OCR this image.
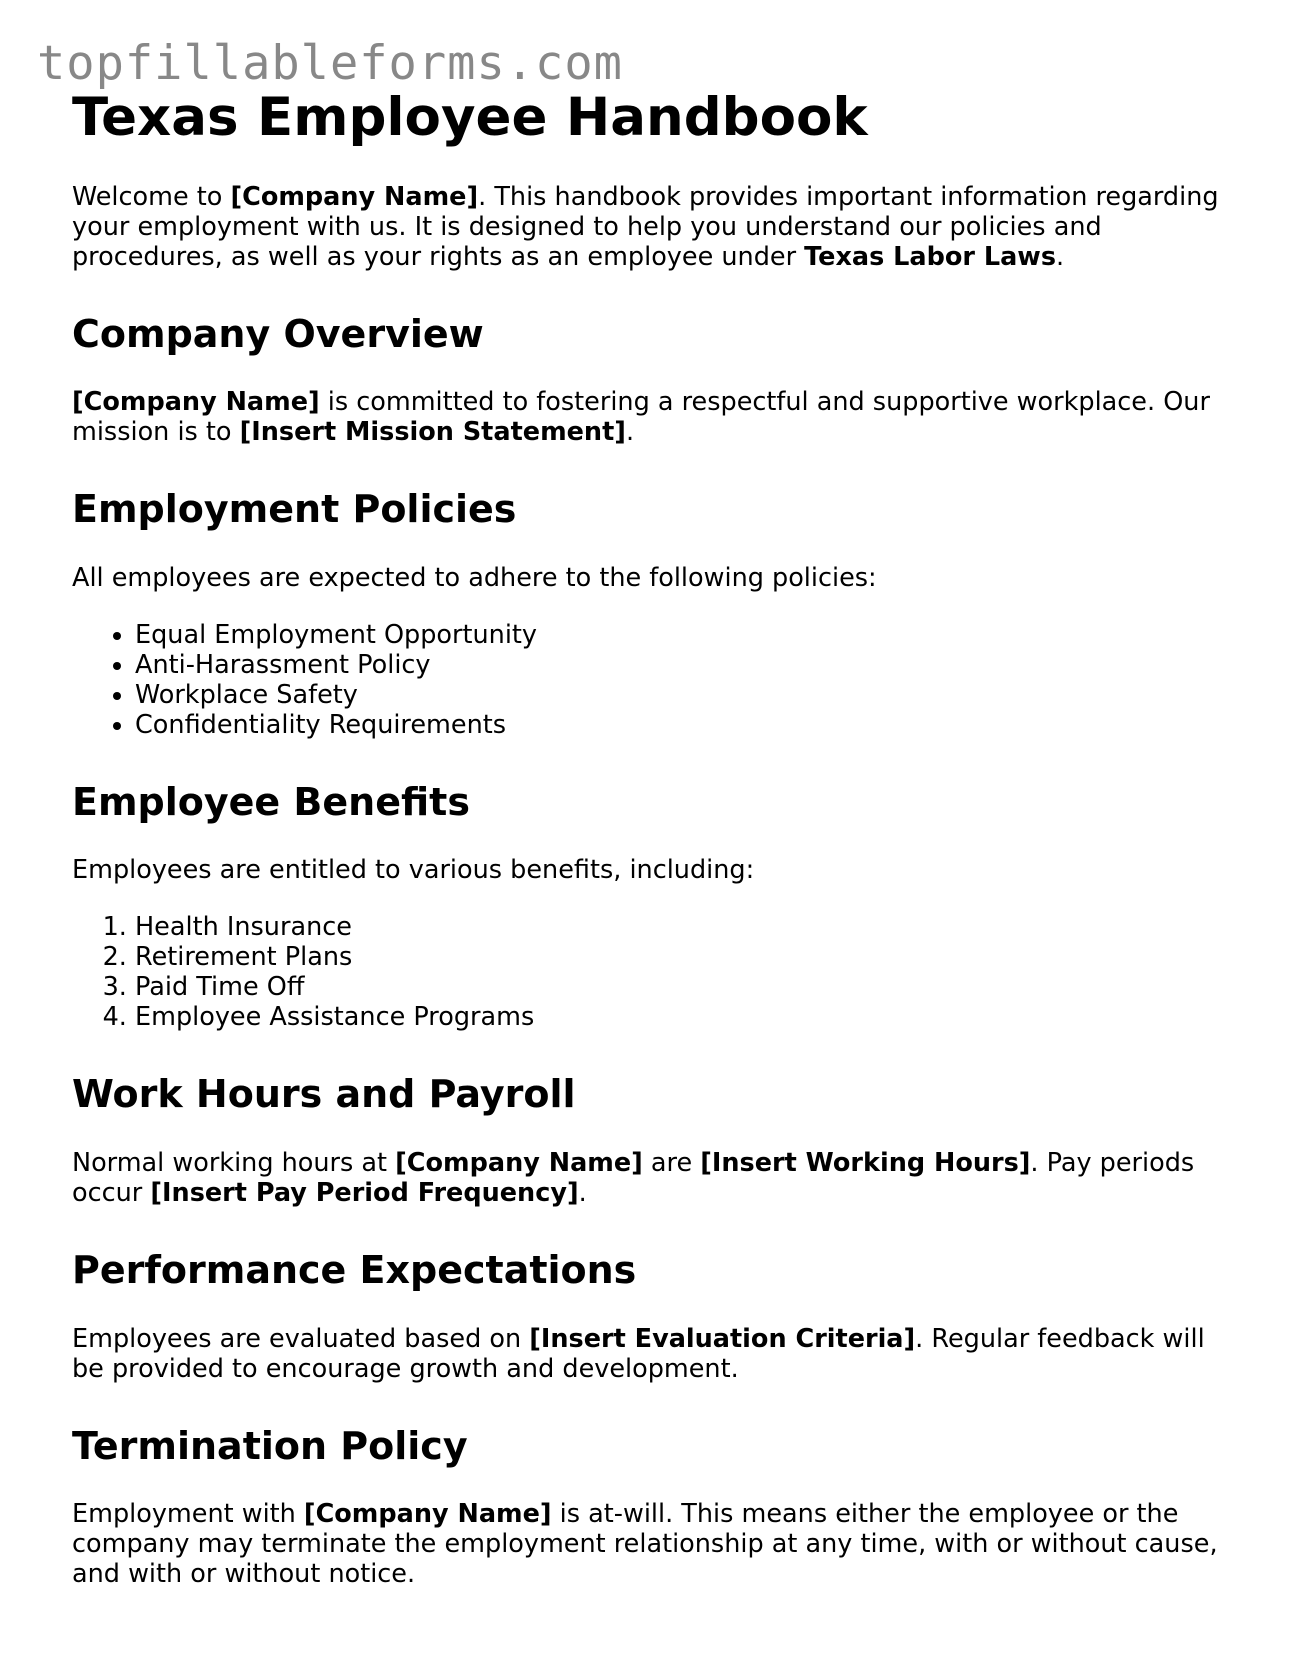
topfillableforms.com
Texas Employee Handbook

Welcome to [Company Name]. This handbook provides important information regarding your employment with us. It is designed to help you understand our policies and procedures, as well as your rights as an employee under Texas Labor Laws.

Company Overview

[Company Name] is committed to fostering a respectful and supportive workplace. Our mission is to [Insert Mission Statement].

Employment Policies

All employees are expected to adhere to the following policies:

• Equal Employment Opportunity
• Anti-Harassment Policy
• Workplace Safety
• Confidentiality Requirements
Employee Benefits

Employees are entitled to various benefits, including:

1. Health Insurance
2. Retirement Plans
3. Paid Time Off
4. Employee Assistance Programs
Work Hours and Payroll

Normal working hours at [Company Name] are [Insert Working Hours]. Pay periods occur [Insert Pay Period Frequency].

Performance Expectations

Employees are evaluated based on [Insert Evaluation Criteria]. Regular feedback will be provided to encourage growth and development.

Termination Policy

Employment with [Company Name] is at-will. This means either the employee or the company may terminate the employment relationship at any time, with or without cause, and with or without notice.
